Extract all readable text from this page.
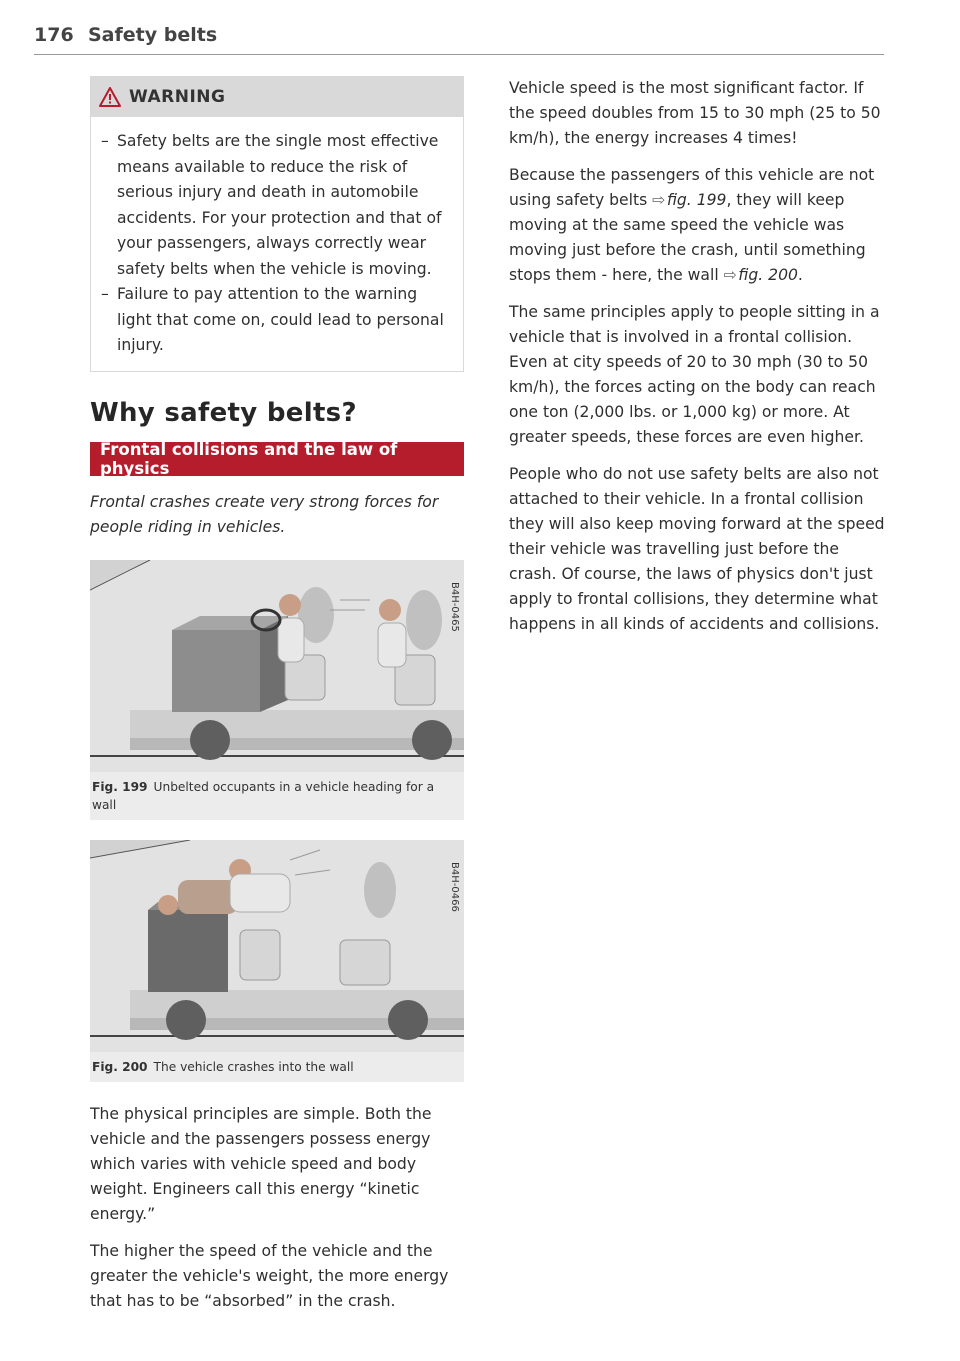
176 Safety belts
WARNING
– Safety belts are the single most effective means available to reduce the risk of serious injury and death in automobile accidents. For your protection and that of your passengers, always correctly wear safety belts when the vehicle is moving.
– Failure to pay attention to the warning light that come on, could lead to personal injury.
Why safety belts?
Frontal collisions and the law of physics

Frontal crashes create very strong forces for people riding in vehicles.

B4H-0465
Fig. 199 Unbelted occupants in a vehicle heading for a wall
B4H-0466
Fig. 200 The vehicle crashes into the wall

The physical principles are simple. Both the vehicle and the passengers possess energy which varies with vehicle speed and body weight. Engineers call this energy “kinetic energy.”

The higher the speed of the vehicle and the greater the vehicle's weight, the more energy that has to be “absorbed” in the crash.

Vehicle speed is the most significant factor. If the speed doubles from 15 to 30 mph (25 to 50 km/h), the energy increases 4 times!

Because the passengers of this vehicle are not using safety belts ⇨  fig. 199, they will keep moving at the same speed the vehicle was moving just before the crash, until something stops them - here, the wall ⇨  fig. 200.

The same principles apply to people sitting in a vehicle that is involved in a frontal collision. Even at city speeds of 20 to 30 mph (30 to 50 km/h), the forces acting on the body can reach one ton (2,000 lbs. or 1,000 kg) or more. At greater speeds, these forces are even higher.

People who do not use safety belts are also not attached to their vehicle. In a frontal collision they will also keep moving forward at the speed their vehicle was travelling just before the crash. Of course, the laws of physics don't just apply to frontal collisions, they determine what happens in all kinds of accidents and collisions.
